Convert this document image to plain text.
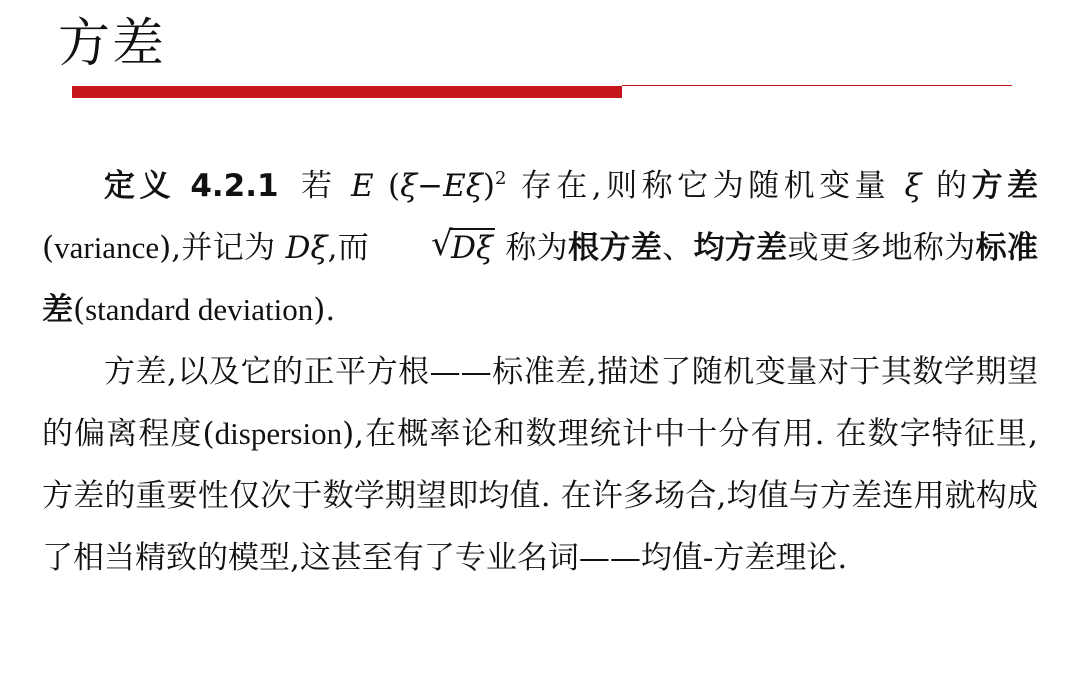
方差

定义 4.2.1 若 E $(\xi-E\xi)^2$ 存在,则称它为随机变量 ξ 的方差(variance),并记为 Dξ,而	√
Dξ 称为根方差、均方差或更多地称为标准差(standard deviation).

方差,以及它的正平方根——标准差,描述了随机变量对于其数学期望的偏离程度(dispersion),在概率论和数理统计中十分有用. 在数字特征里,方差的重要性仅次于数学期望即均值. 在许多场合,均值与方差连用就构成了相当精致的模型,这甚至有了专业名词——均值-方差理论.
